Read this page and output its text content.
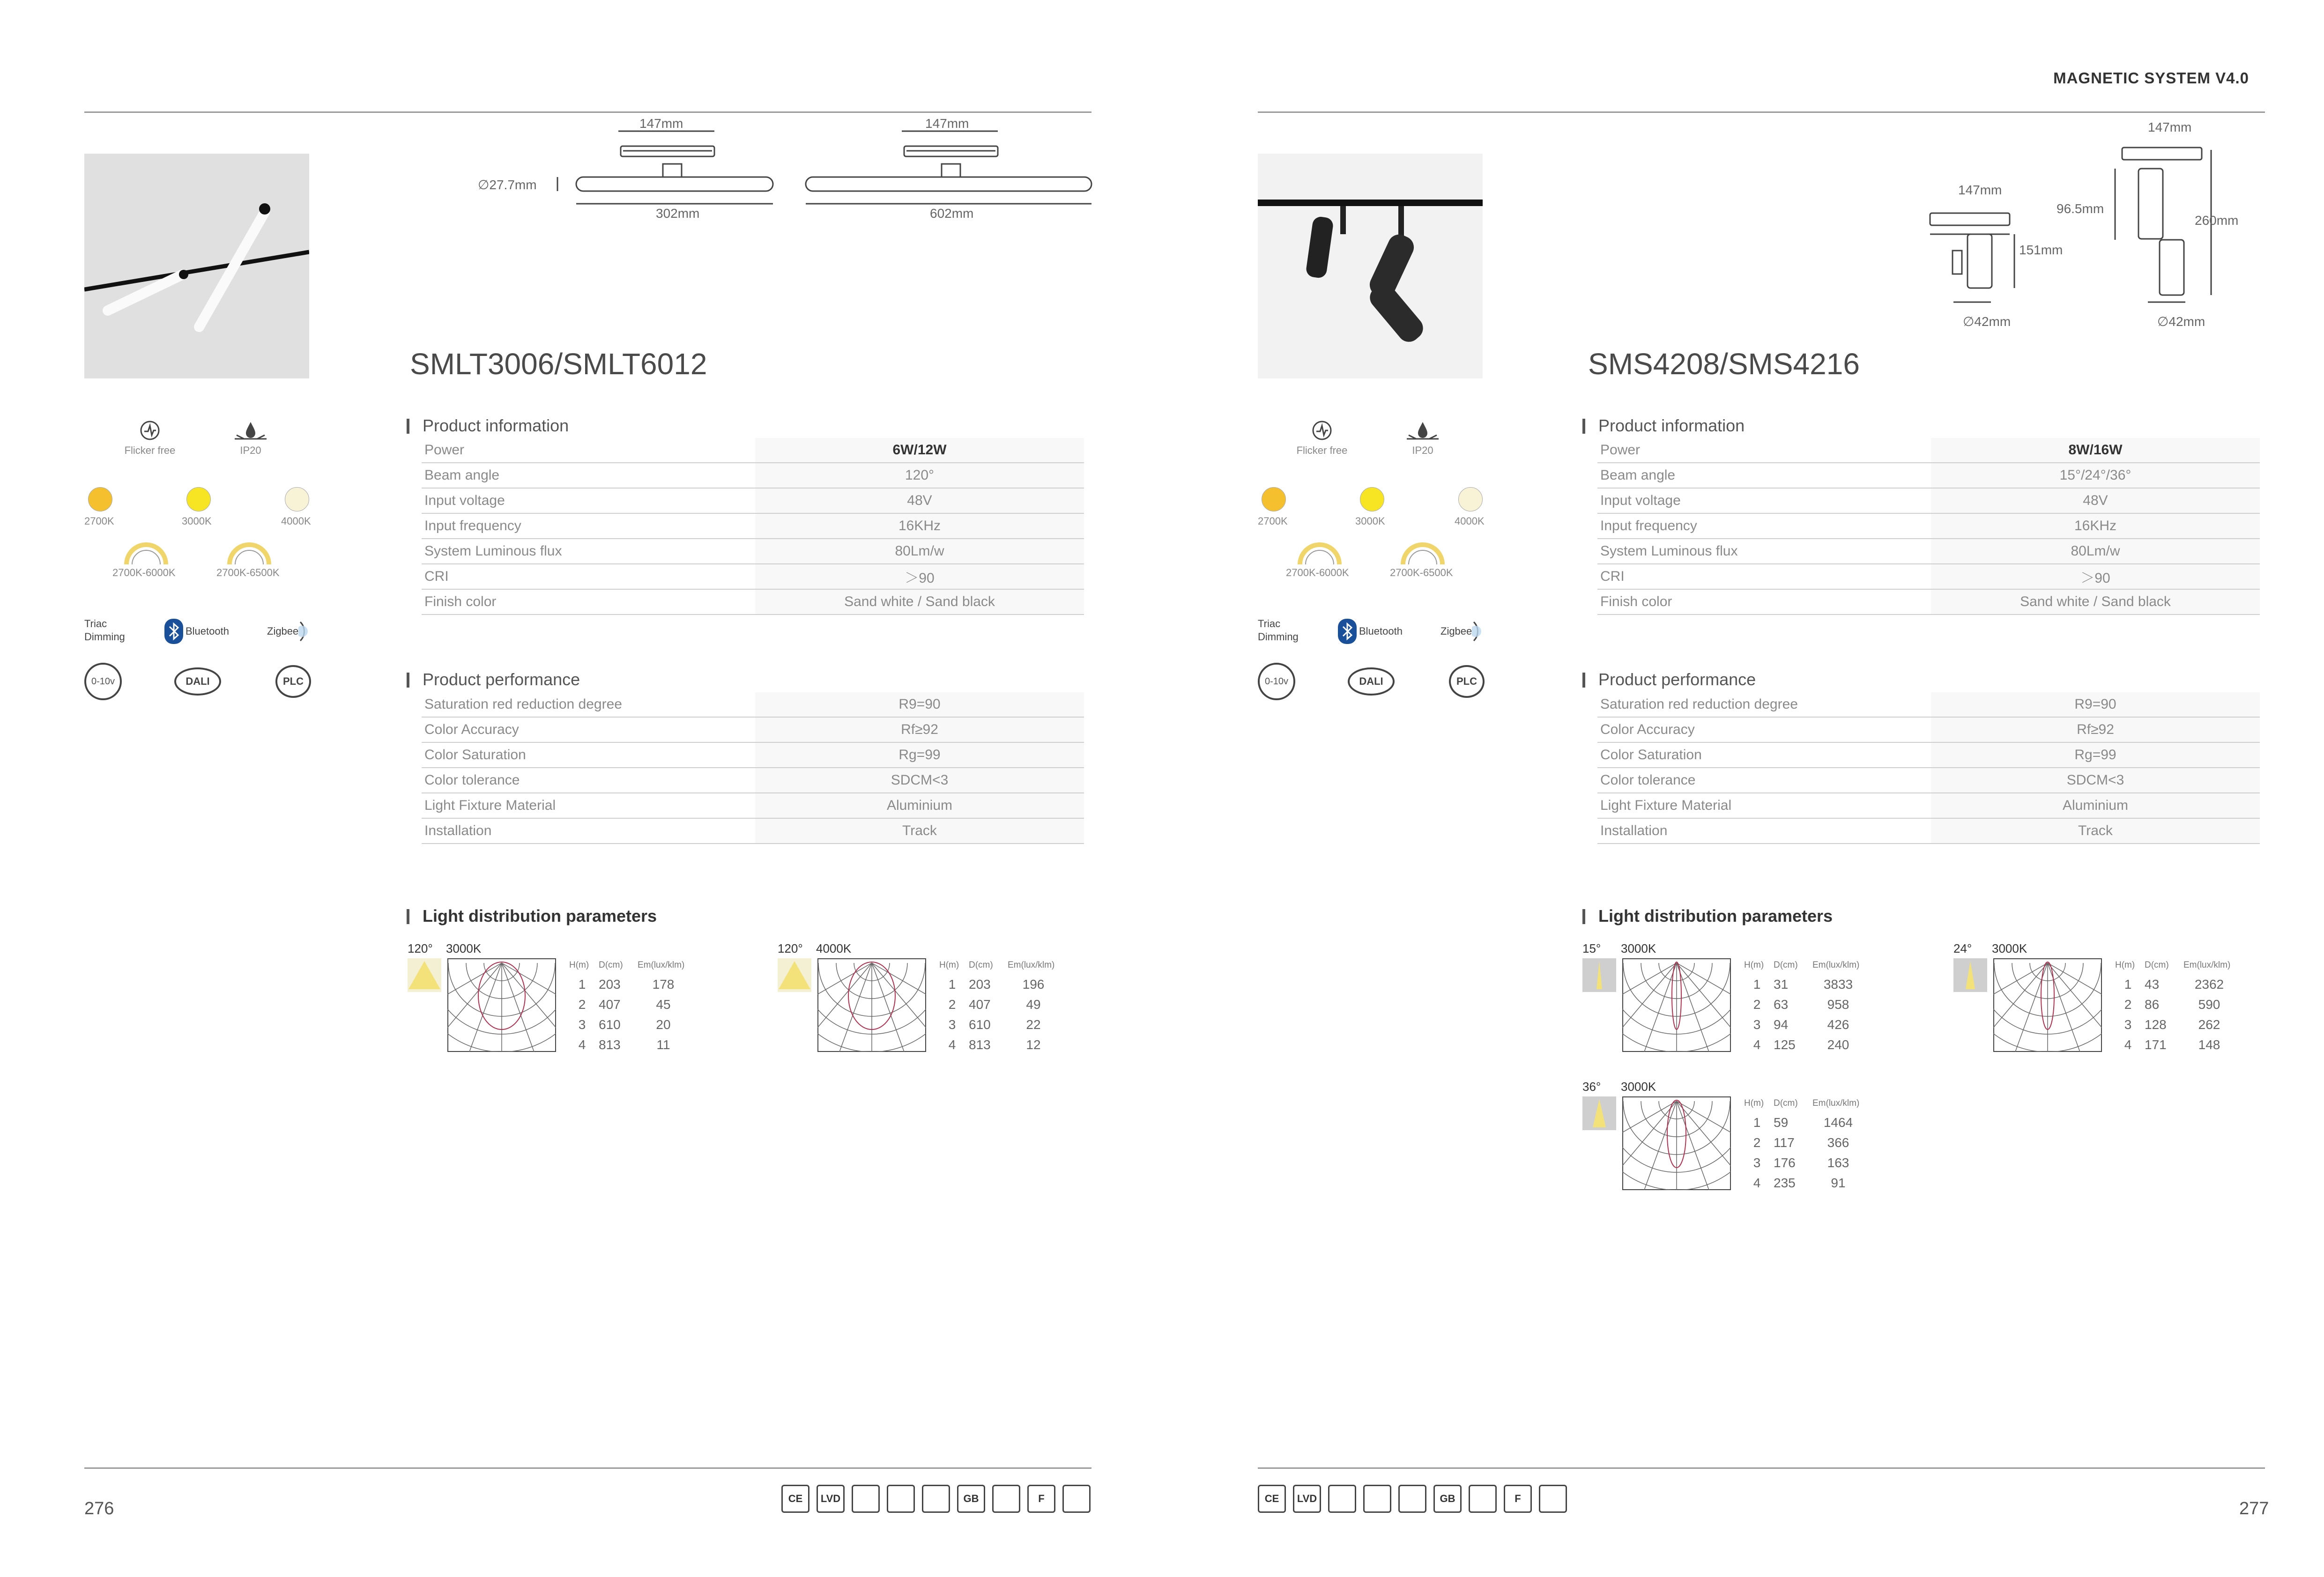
MAGNETIC SYSTEM V4.0
147mm	147mm
∅27.7mm
302mm	602mm
SMLT3006/SMLT6012
Flicker free	IP20
2700K	3000K	4000K
2700K-6000K	2700K-6500K
Triac
Dimming	Bluetooth	Zigbee
0-10v	DALI	PLC
Product information
Power	6W/12W
Beam angle	120°
Input voltage	48V
Input frequency	16KHz
System Luminous flux	80Lm/w
CRI	＞90
Finish color	Sand white / Sand black
Product performance
Saturation red reduction degree	R9=90
Color Accuracy	Rf≥92
Color Saturation	Rg=99
Color tolerance	SDCM<3
Light Fixture Material	Aluminium
Installation	Track
Light distribution parameters
147mm
147mm
151mm
96.5mm
260mm
∅42mm	∅42mm
SMS4208/SMS4216
Flicker free	IP20
2700K	3000K	4000K
2700K-6000K	2700K-6500K
Triac
Dimming	Bluetooth	Zigbee
0-10v	DALI	PLC
Product information
Power	8W/16W
Beam angle	15°/24°/36°
Input voltage	48V
Input frequency	16KHz
System Luminous flux	80Lm/w
CRI	＞90
Finish color	Sand white / Sand black
Product performance
Saturation red reduction degree	R9=90
Color Accuracy	Rf≥92
Color Saturation	Rg=99
Color tolerance	SDCM<3
Light Fixture Material	Aluminium
Installation	Track
Light distribution parameters
120° 3000K
H(m)	D(cm)	Em(lux/klm)
1	203	178
2	407	45
3	610	20
4	813	11
120° 4000K
H(m)	D(cm)	Em(lux/klm)
1	203	196
2	407	49
3	610	22
4	813	12
15° 3000K
H(m)	D(cm)	Em(lux/klm)
1	31	3833
2	63	958
3	94	426
4	125	240
24° 3000K
H(m)	D(cm)	Em(lux/klm)
1	43	2362
2	86	590
3	128	262
4	171	148
36° 3000K
H(m)	D(cm)	Em(lux/klm)
1	59	1464
2	117	366
3	176	163
4	235	91
276	277
CE	LVD	GB	F	CE	LVD	GB	F
